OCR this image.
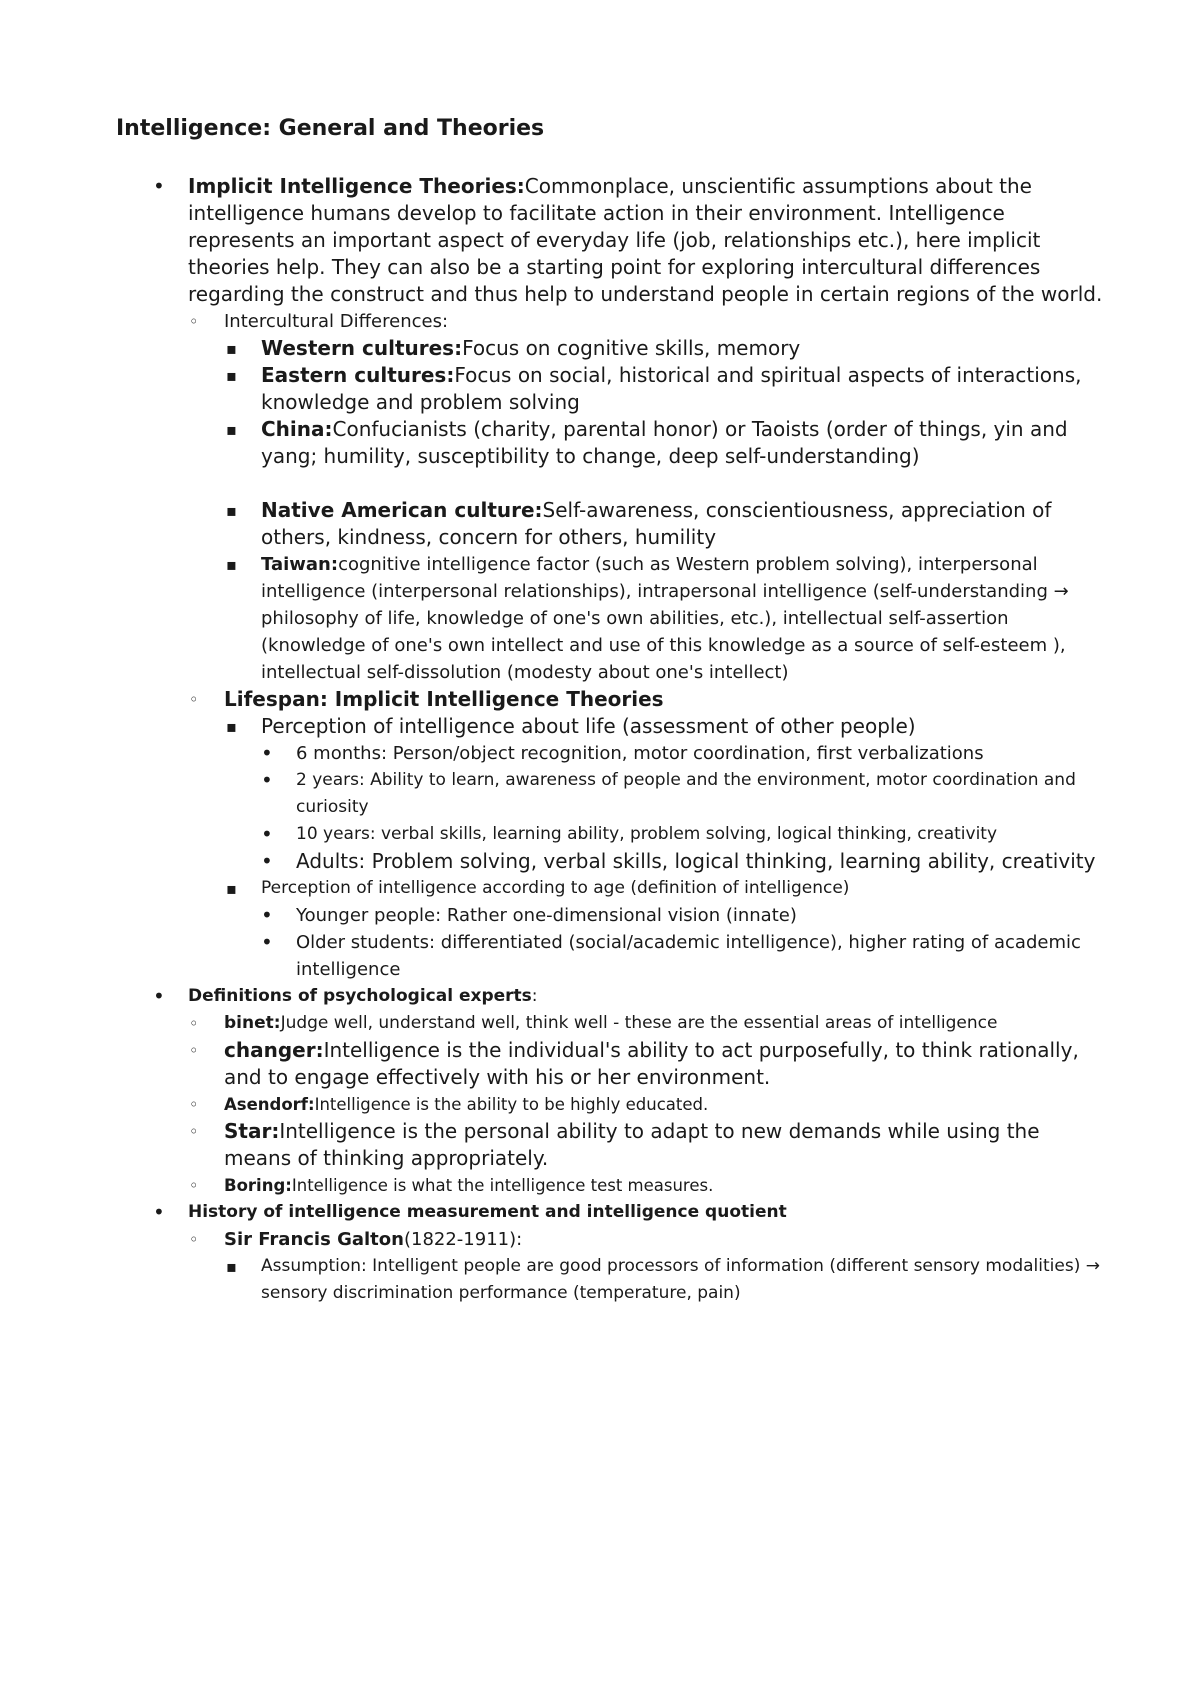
Intelligence: General and Theories
• Implicit Intelligence Theories:Commonplace, unscientific assumptions about the intelligence humans develop to facilitate action in their environment. Intelligence represents an important aspect of everyday life (job, relationships etc.), here implicit theories help. They can also be a starting point for exploring intercultural differences regarding the construct and thus help to understand people in certain regions of the world.
◦ Intercultural Differences:
▪ Western cultures:Focus on cognitive skills, memory
▪ Eastern cultures:Focus on social, historical and spiritual aspects of interactions, knowledge and problem solving
▪ China:Confucianists (charity, parental honor) or Taoists (order of things, yin and yang; humility, susceptibility to change, deep self-understanding)
▪ Native American culture:Self-awareness, conscientiousness, appreciation of others, kindness, concern for others, humility
▪ Taiwan:cognitive intelligence factor (such as Western problem solving), interpersonal intelligence (interpersonal relationships), intrapersonal intelligence (self-understanding → philosophy of life, knowledge of one's own abilities, etc.), intellectual self-assertion (knowledge of one's own intellect and use of this knowledge as a source of self-esteem ), intellectual self-dissolution (modesty about one's intellect)
◦ Lifespan: Implicit Intelligence Theories
▪ Perception of intelligence about life (assessment of other people)
• 6 months: Person/object recognition, motor coordination, first verbalizations
• 2 years: Ability to learn, awareness of people and the environment, motor coordination and curiosity
• 10 years: verbal skills, learning ability, problem solving, logical thinking, creativity
• Adults: Problem solving, verbal skills, logical thinking, learning ability, creativity
▪ Perception of intelligence according to age (definition of intelligence)
• Younger people: Rather one-dimensional vision (innate)
• Older students: differentiated (social/academic intelligence), higher rating of academic intelligence
• Definitions of psychological experts:
◦ binet:Judge well, understand well, think well - these are the essential areas of intelligence
◦ changer:Intelligence is the individual's ability to act purposefully, to think rationally, and to engage effectively with his or her environment.
◦ Asendorf:Intelligence is the ability to be highly educated.
◦ Star:Intelligence is the personal ability to adapt to new demands while using the means of thinking appropriately.
◦ Boring:Intelligence is what the intelligence test measures.
• History of intelligence measurement and intelligence quotient
◦ Sir Francis Galton(1822-1911):
▪ Assumption: Intelligent people are good processors of information (different sensory modalities) → sensory discrimination performance (temperature, pain)
